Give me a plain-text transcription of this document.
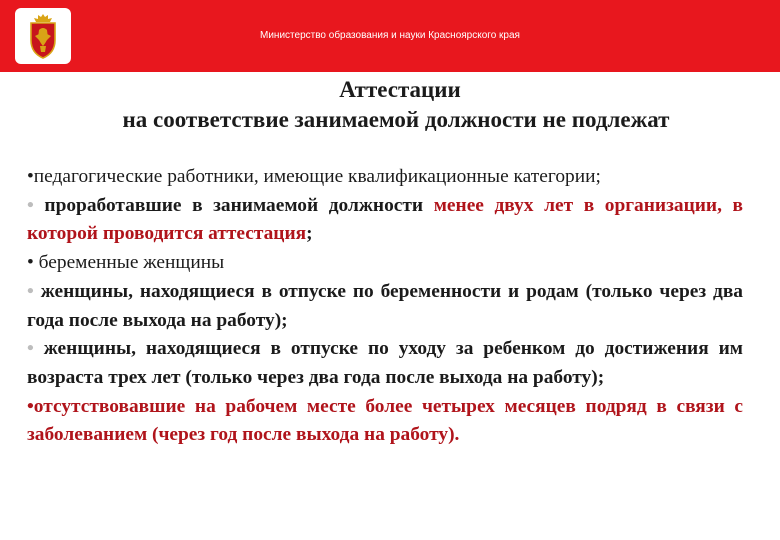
Министерство образования и науки Красноярского края
Аттестации
на соответствие занимаемой должности не подлежат

•педагогические работники, имеющие квалификационные категории;

• проработавшие в занимаемой должности менее двух лет в организации, в которой проводится аттестация;

• беременные женщины

• женщины, находящиеся в отпуске по беременности и родам (только через два года после выхода на работу);

• женщины, находящиеся в отпуске по уходу за ребенком до достижения им возраста трех лет (только через два года после выхода на работу);

•отсутствовавшие на рабочем месте более четырех месяцев подряд в связи с заболеванием (через год после выхода на работу).
